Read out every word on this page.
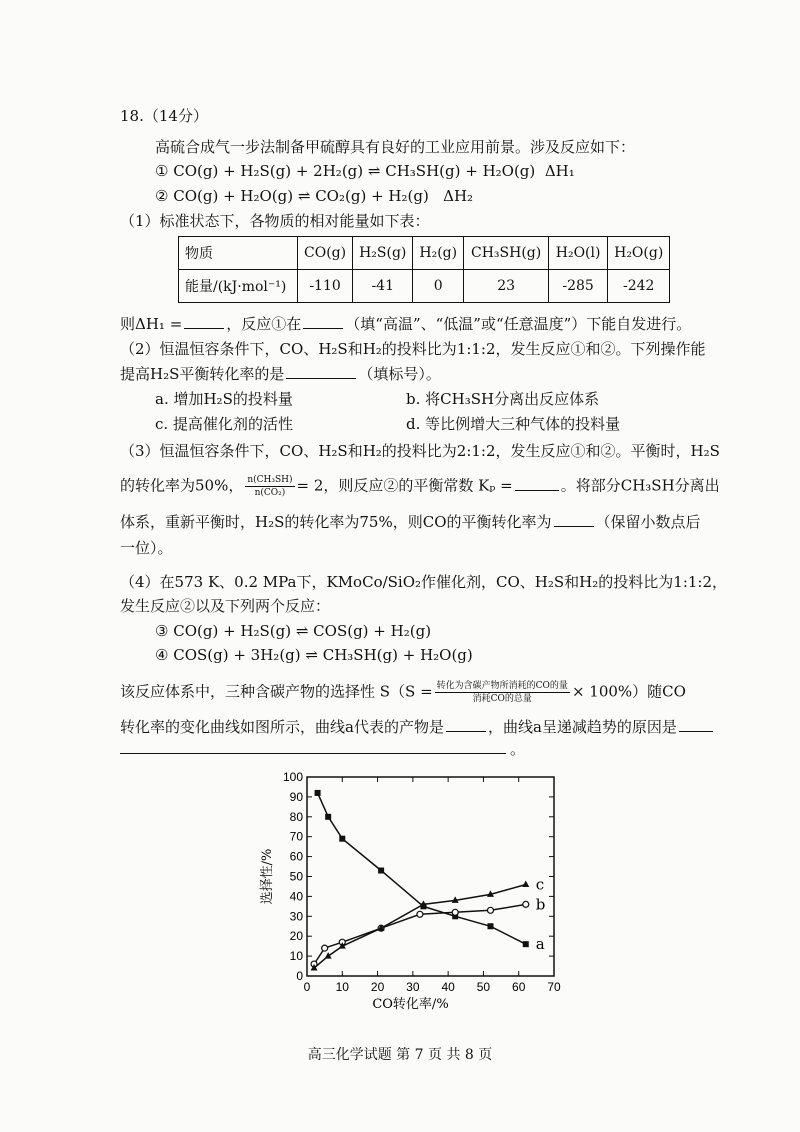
18.（14分）
高硫合成气一步法制备甲硫醇具有良好的工业应用前景。涉及反应如下：
① CO(g) + H₂S(g) + 2H₂(g) ⇌ CH₃SH(g) + H₂O(g) ΔH₁
② CO(g) + H₂O(g) ⇌ CO₂(g) + H₂(g) ΔH₂
（1）标准状态下，各物质的相对能量如下表：
物质	CO(g)	H₂S(g)	H₂(g)	CH₃SH(g)	H₂O(l)	H₂O(g)
能量/(kJ·mol⁻¹)	-110	-41	0	23	-285	-242
则ΔH₁ =	，反应①在	（填“高温”、“低温”或“任意温度”）下能自发进行。
（2）恒温恒容条件下，CO、H₂S和H₂的投料比为1:1:2，发生反应①和②。下列操作能
提高H₂S平衡转化率的是	（填标号）。
a. 增加H₂S的投料量	b. 将CH₃SH分离出反应体系
c. 提高催化剂的活性	d. 等比例增大三种气体的投料量
（3）恒温恒容条件下，CO、H₂S和H₂的投料比为2:1:2，发生反应①和②。平衡时，H₂S
的转化率为50%， $\frac{\text{n(CH₃SH)}}{\text{n(CO₂)}} = 2$，则反应②的平衡常数 Kₚ =	。将部分CH₃SH分离出
体系，重新平衡时，H₂S的转化率为75%，则CO的平衡转化率为	（保留小数点后
一位）。
（4）在573 K、0.2 MPa下，KMoCo/SiO₂作催化剂，CO、H₂S和H₂的投料比为1:1:2，
发生反应②以及下列两个反应：
③ CO(g) + H₂S(g) ⇌ COS(g) + H₂(g)
④ COS(g) + 3H₂(g) ⇌ CH₃SH(g) + H₂O(g)
该反应体系中，三种含碳产物的选择性 $S(S = \frac{\text{转化为含碳产物所消耗的CO的量}}{\text{消耗CO的总量}} \times 100\%)$随CO
转化率的变化曲线如图所示，曲线a代表的产物是	，曲线a呈递减趋势的原因是
。
0
10
20
30
40
50
60
70
80
90
100
0 10 20 30 40 50 60 70
CO转化率/%
选择性/%
a
b
c
高三化学试题 第 7 页 共 8 页
